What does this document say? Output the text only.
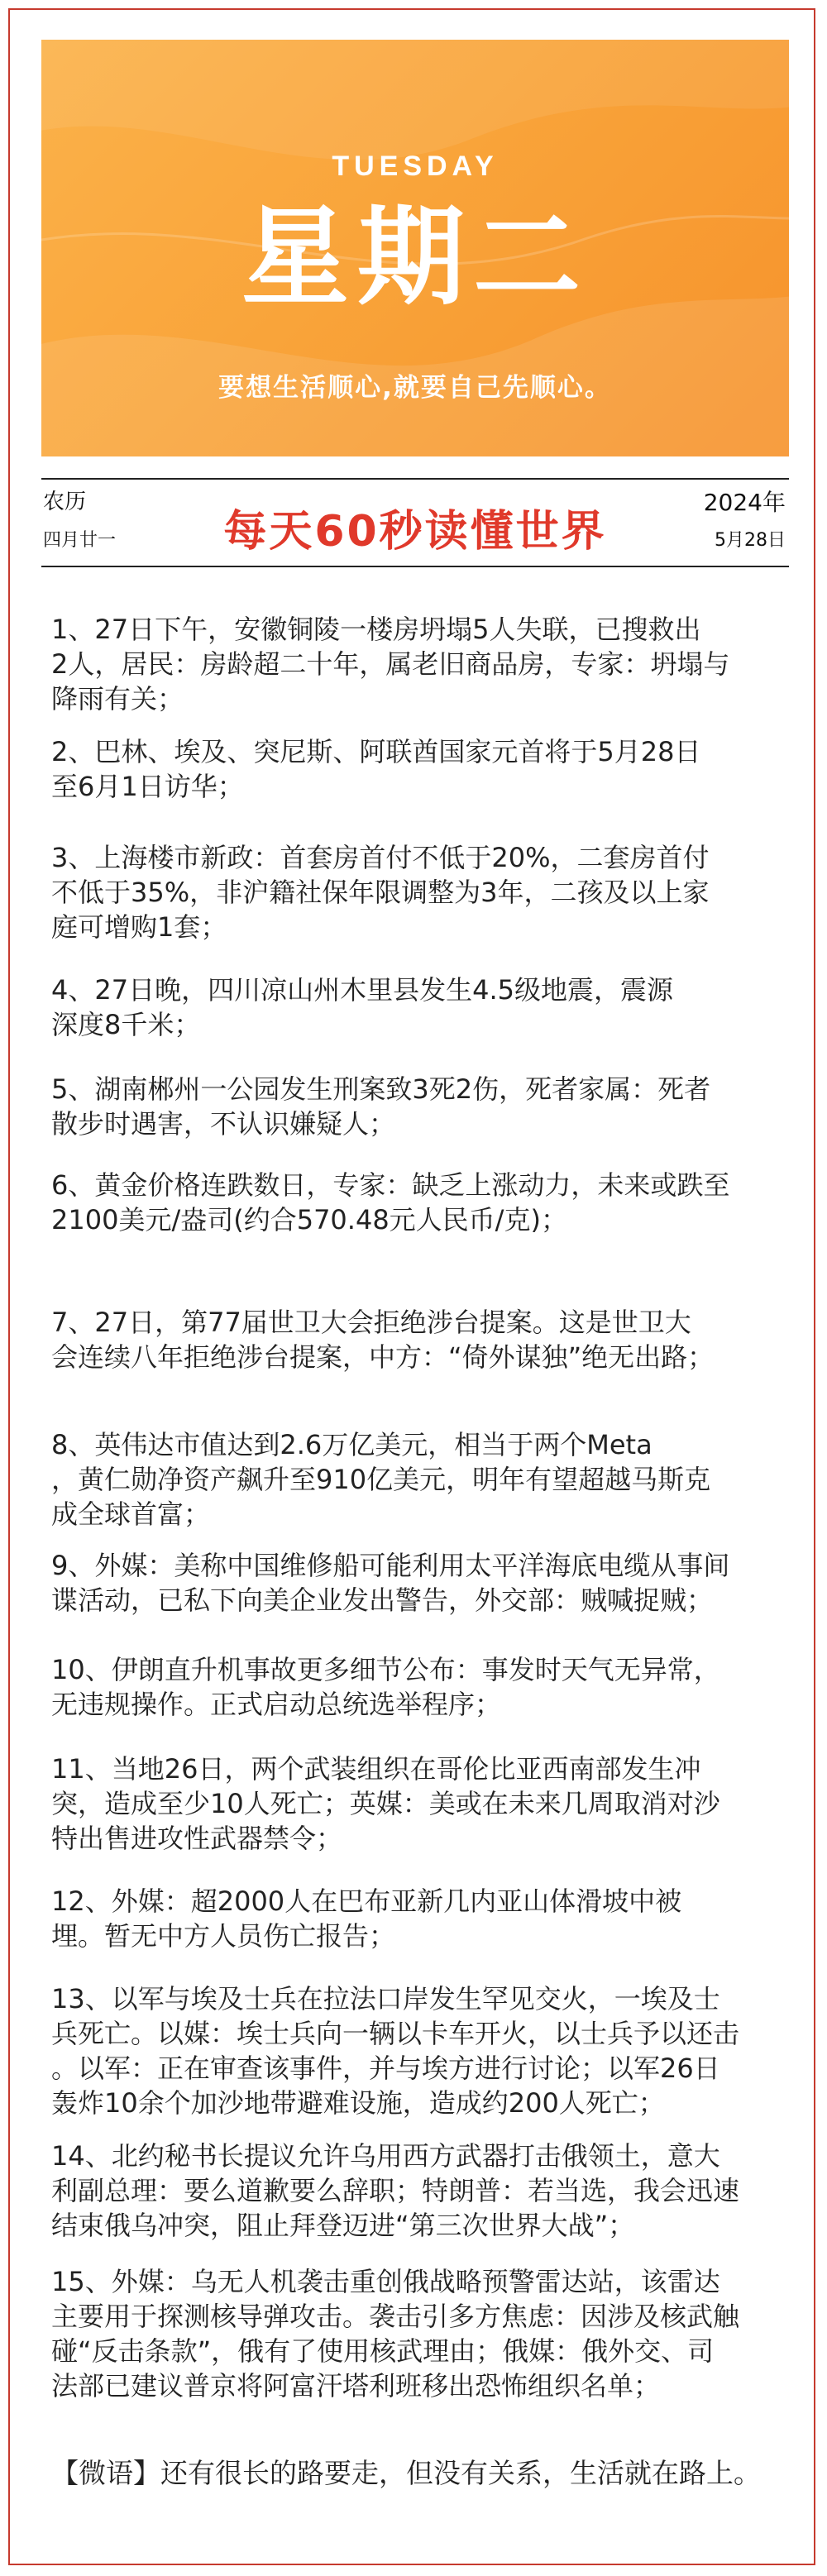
TUESDAY
星期二
要想生活顺心,就要自己先顺心。
农历
四月廿一	每天60秒读懂世界
2024年
5月28日
1、27日下午，安徽铜陵一楼房坍塌5人失联，已搜救出
2人，居民：房龄超二十年，属老旧商品房，专家：坍塌与
降雨有关；
2、巴林、埃及、突尼斯、阿联酋国家元首将于5月28日
至6月1日访华；
3、上海楼市新政：首套房首付不低于20%，二套房首付
不低于35%，非沪籍社保年限调整为3年，二孩及以上家
庭可增购1套；
4、27日晚，四川凉山州木里县发生4.5级地震，震源
深度8千米；
5、湖南郴州一公园发生刑案致3死2伤，死者家属：死者
散步时遇害，不认识嫌疑人；
6、黄金价格连跌数日，专家：缺乏上涨动力，未来或跌至
2100美元/盎司(约合570.48元人民币/克)；
7、27日，第77届世卫大会拒绝涉台提案。这是世卫大
会连续八年拒绝涉台提案，中方：“倚外谋独”绝无出路；
8、英伟达市值达到2.6万亿美元，相当于两个Meta
，黄仁勋净资产飙升至910亿美元，明年有望超越马斯克
成全球首富；
9、外媒：美称中国维修船可能利用太平洋海底电缆从事间
谍活动，已私下向美企业发出警告，外交部：贼喊捉贼；
10、伊朗直升机事故更多细节公布：事发时天气无异常，
无违规操作。正式启动总统选举程序；
11、当地26日，两个武装组织在哥伦比亚西南部发生冲
突，造成至少10人死亡；英媒：美或在未来几周取消对沙
特出售进攻性武器禁令；
12、外媒：超2000人在巴布亚新几内亚山体滑坡中被
埋。暂无中方人员伤亡报告；
13、以军与埃及士兵在拉法口岸发生罕见交火，一埃及士
兵死亡。以媒：埃士兵向一辆以卡车开火，以士兵予以还击
。以军：正在审查该事件，并与埃方进行讨论；以军26日
轰炸10余个加沙地带避难设施，造成约200人死亡；
14、北约秘书长提议允许乌用西方武器打击俄领土，意大
利副总理：要么道歉要么辞职；特朗普：若当选，我会迅速
结束俄乌冲突，阻止拜登迈进“第三次世界大战”；
15、外媒：乌无人机袭击重创俄战略预警雷达站，该雷达
主要用于探测核导弹攻击。袭击引多方焦虑：因涉及核武触
碰“反击条款”，俄有了使用核武理由；俄媒：俄外交、司
法部已建议普京将阿富汗塔利班移出恐怖组织名单；
【微语】还有很长的路要走，但没有关系，生活就在路上。
